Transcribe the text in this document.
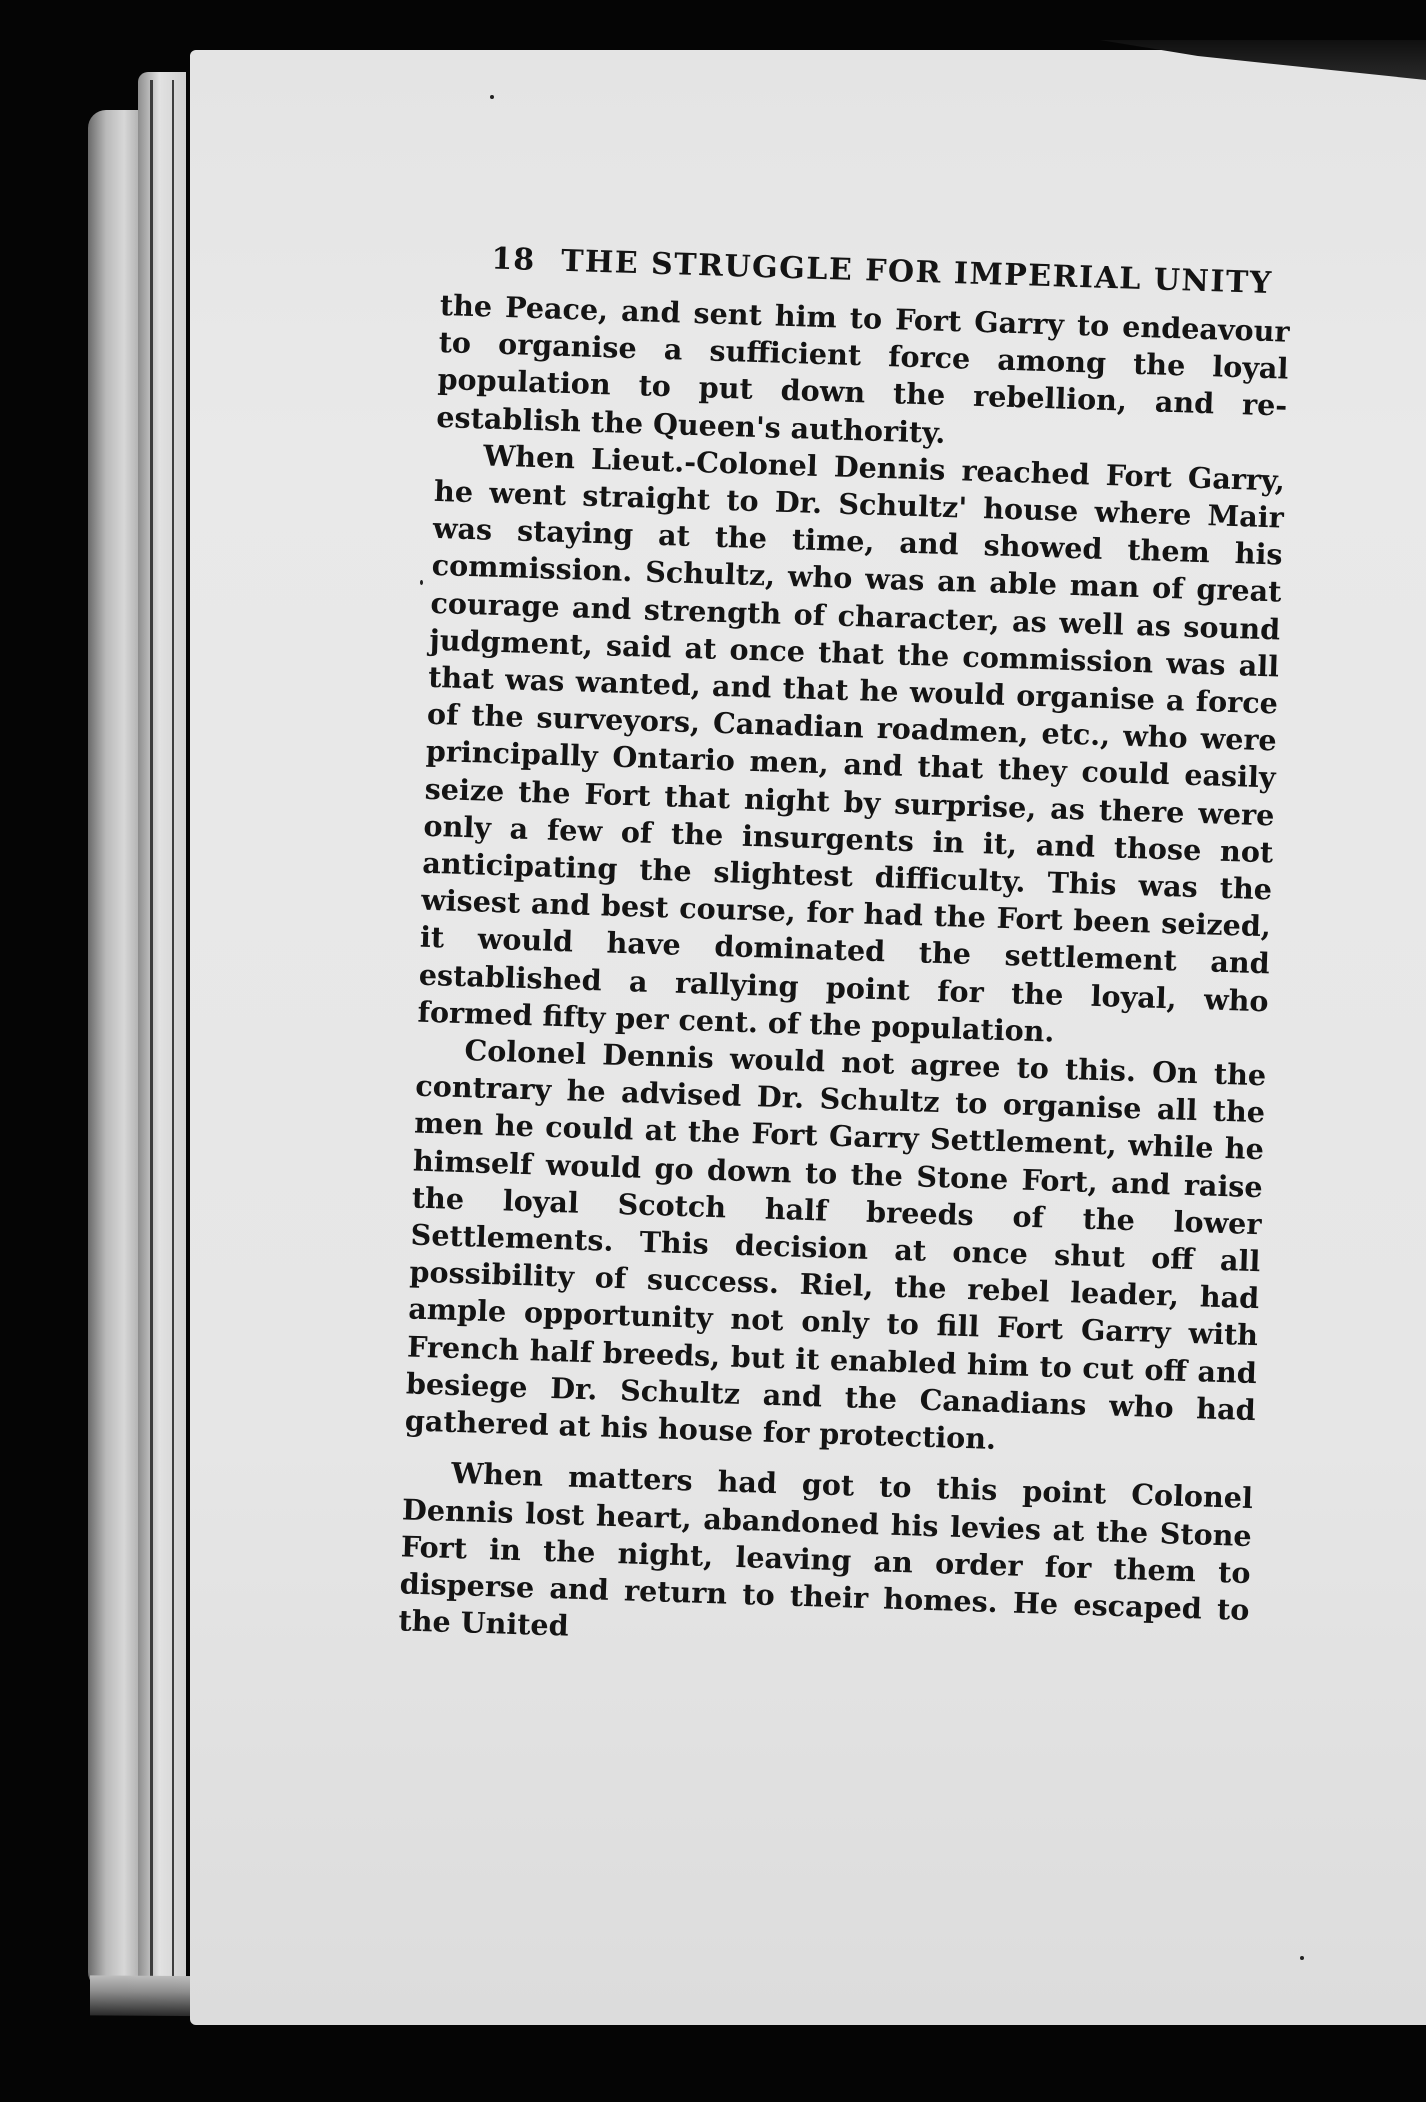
18 THE STRUGGLE FOR IMPERIAL UNITY

the Peace, and sent him to Fort Garry to endeavour to organise a sufficient force among the loyal population to put down the rebellion, and re-establish the Queen's authority.

When Lieut.-Colonel Dennis reached Fort Garry, he went straight to Dr. Schultz' house where Mair was staying at the time, and showed them his commission. Schultz, who was an able man of great courage and strength of character, as well as sound judgment, said at once that the commission was all that was wanted, and that he would organise a force of the surveyors, Canadian roadmen, etc., who were principally Ontario men, and that they could easily seize the Fort that night by surprise, as there were only a few of the insurgents in it, and those not anticipating the slightest difficulty. This was the wisest and best course, for had the Fort been seized, it would have dominated the settlement and established a rallying point for the loyal, who formed fifty per cent. of the population.

Colonel Dennis would not agree to this. On the contrary he advised Dr. Schultz to organise all the men he could at the Fort Garry Settlement, while he himself would go down to the Stone Fort, and raise the loyal Scotch half breeds of the lower Settlements. This decision at once shut off all possibility of success. Riel, the rebel leader, had ample opportunity not only to fill Fort Garry with French half breeds, but it enabled him to cut off and besiege Dr. Schultz and the Canadians who had gathered at his house for protection.

When matters had got to this point Colonel Dennis lost heart, abandoned his levies at the Stone Fort in the night, leaving an order for them to disperse and return to their homes. He escaped to the United
